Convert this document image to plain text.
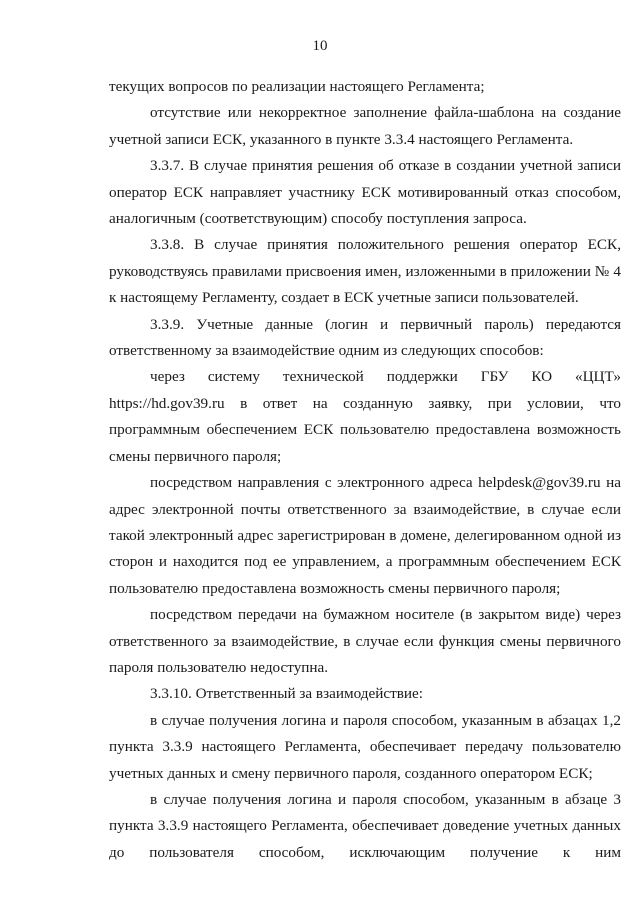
10

текущих вопросов по реализации настоящего Регламента;

отсутствие или некорректное заполнение файла-шаблона на создание учетной записи ЕСК, указанного в пункте 3.3.4 настоящего Регламента.

3.3.7. В случае принятия решения об отказе в создании учетной записи оператор ЕСК направляет участнику ЕСК мотивированный отказ способом, аналогичным (соответствующим) способу поступления запроса.

3.3.8. В случае принятия положительного решения оператор ЕСК, руководствуясь правилами присвоения имен, изложенными в приложении № 4 к настоящему Регламенту, создает в ЕСК учетные записи пользователей.

3.3.9. Учетные данные (логин и первичный пароль) передаются ответственному за взаимодействие одним из следующих способов:

через систему технической поддержки ГБУ КО «ЦЦТ» https://hd.gov39.ru в ответ на созданную заявку, при условии, что программным обеспечением ЕСК пользователю предоставлена возможность смены первичного пароля;

посредством направления с электронного адреса helpdesk@gov39.ru на адрес электронной почты ответственного за взаимодействие, в случае если такой электронный адрес зарегистрирован в домене, делегированном одной из сторон и находится под ее управлением, а программным обеспечением ЕСК пользователю предоставлена возможность смены первичного пароля;

посредством передачи на бумажном носителе (в закрытом виде) через ответственного за взаимодействие, в случае если функция смены первичного пароля пользователю недоступна.

3.3.10. Ответственный за взаимодействие:

в случае получения логина и пароля способом, указанным в абзацах 1,2 пункта 3.3.9 настоящего Регламента, обеспечивает передачу пользователю учетных данных и смену первичного пароля, созданного оператором ЕСК;

в случае получения логина и пароля способом, указанным в абзаце 3 пункта 3.3.9 настоящего Регламента, обеспечивает доведение учетных данных до пользователя способом, исключающим получение к ним
